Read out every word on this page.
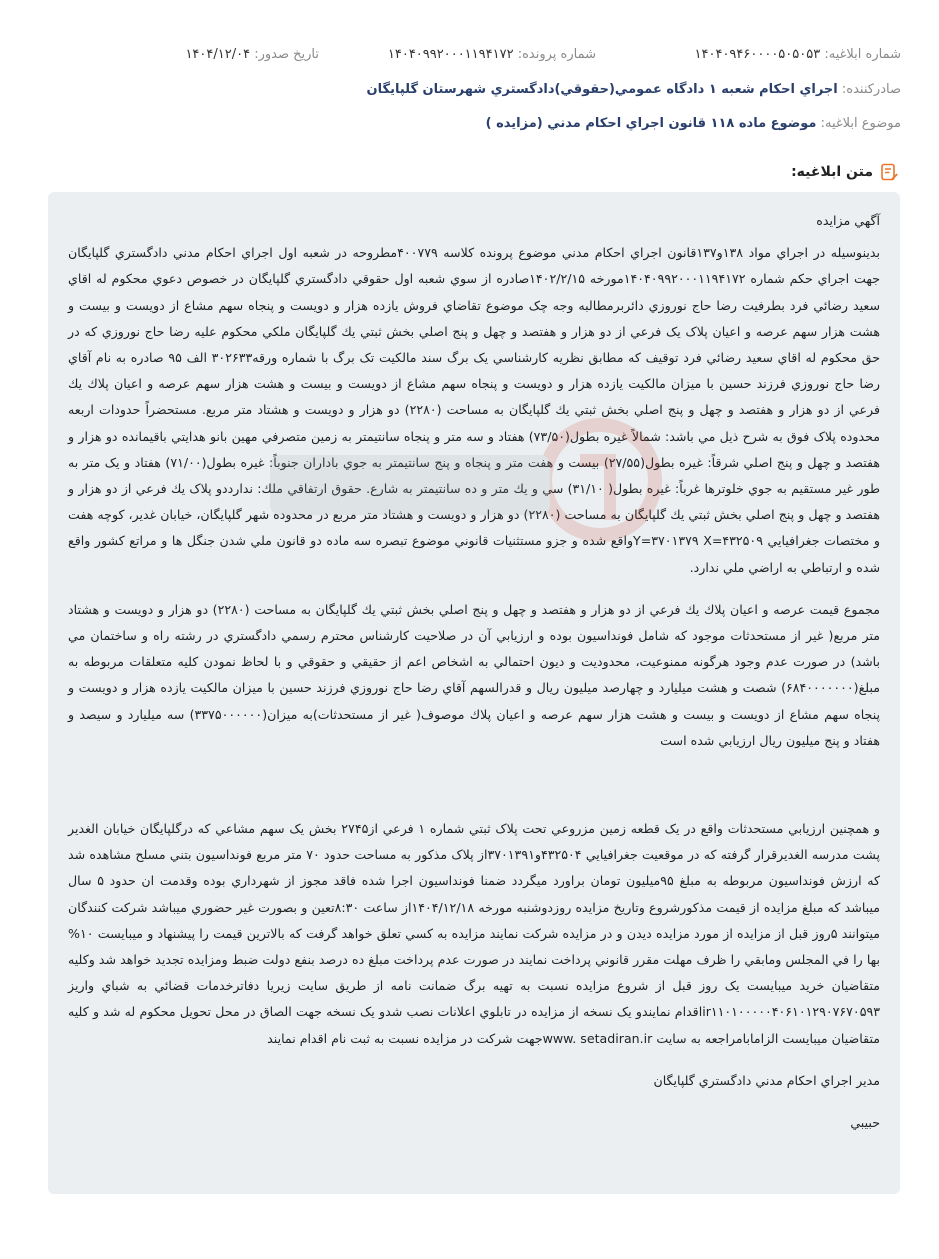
شماره ابلاغيه: ۱۴۰۴۰۹۴۶۰۰۰۰۵۰۵۰۵۳
شماره پرونده: ۱۴۰۴۰۹۹۲۰۰۰۱۱۹۴۱۷۲
تاريخ صدور: ۱۴۰۴/۱۲/۰۴
صادرکننده: اجراي احکام شعبه ۱ دادگاه عمومي(حقوقي)دادگستري شهرستان گلپايگان
موضوع ابلاغيه: موضوع ماده ۱۱۸ قانون اجراي احکام مدني (مزايده )
متن ابلاغيه:

آگهي مزايده

بدينوسيله در اجراي مواد ۱۳۸و۱۳۷قانون اجراي احکام مدني موضوع پرونده کلاسه ۴۰۰۷۷۹مطروحه در شعبه اول اجراي احکام مدني دادگستري گلپايگان جهت اجراي حکم شماره ۱۴۰۴۰۹۹۲۰۰۰۱۱۹۴۱۷۲مورخه ۱۴۰۲/۲/۱۵صادره از سوي شعبه اول حقوقي دادگستري گلپايگان در خصوص دعوي محکوم له اقاي سعيد رضائي فرد بطرفيت رضا حاج نوروزي دائربرمطالبه وجه چک موضوع تقاضاي فروش يازده هزار و دويست و پنجاه سهم مشاع از دويست و بيست و هشت هزار سهم عرصه و اعيان پلاک يک فرعي از دو هزار و هفتصد و چهل و پنج اصلي بخش ثبتي يك گلپايگان ملکي محکوم عليه رضا حاج نوروزي که در حق محکوم له اقاي سعيد رضائي فرد توقيف که مطابق نظريه کارشناسي يک برگ سند مالکيت تک برگ با شماره ورقه۳۰۲۶۳۳ الف ۹۵ صادره به نام آقاي رضا حاج نوروزي فرزند حسين با ميزان مالكيت يازده هزار و دويست و پنجاه سهم مشاع از دويست و بيست و هشت هزار سهم عرصه و اعيان پلاك يك فرعي از دو هزار و هفتصد و چهل و پنج اصلي بخش ثبتي يك گلپايگان به مساحت (۲۲۸۰) دو هزار و دويست و هشتاد متر مربع. مستحضراً حدودات اربعه محدوده پلاک فوق به شرح ذيل مي باشد: شمالاً غيره بطول(۷۳/۵۰) هفتاد و سه متر و پنجاه سانتيمتر به زمين متصرفي مهين بانو هدايتي باقيمانده دو هزار و هفتصد و چهل و پنج اصلي شرقاً: غيره بطول(۲۷/۵۵) بيست و هفت متر و پنجاه و پنج سانتيمتر به جوي باداران جنوباً: غيره بطول(۷۱/۰۰) هفتاد و يک متر به طور غير مستقيم به جوي خلوترها غرباً: غيره بطول( ۳۱/۱۰) سي و يك متر و ده سانتيمتر به شارع. حقوق ارتفاقي ملك: ندارددو پلاک يك فرعي از دو هزار و هفتصد و چهل و پنج اصلي بخش ثبتي يك گلپايگان به مساحت (۲۲۸۰) دو هزار و دويست و هشتاد متر مربع در محدوده شهر گلپايگان، خيابان غدير، كوچه هفت و مختصات جغرافيايي Y=۳۷۰۱۳۷۹ X=۴۳۲۵۰۹واقع شده و جزو مستثنيات قانوني موضوع تبصره سه ماده دو قانون ملي شدن جنگل ها و مراتع كشور واقع شده و ارتباطي به اراضي ملي ندارد.

مجموع قيمت عرصه و اعيان پلاك يك فرعي از دو هزار و هفتصد و چهل و پنج اصلي بخش ثبتي يك گلپايگان به مساحت (۲۲۸۰) دو هزار و دويست و هشتاد متر مربع( غير از مستحدثات موجود كه شامل فونداسيون بوده و ارزيابي آن در صلاحيت كارشناس محترم رسمي دادگستري در رشته راه و ساختمان مي باشد) در صورت عدم وجود هرگونه ممنوعيت، محدوديت و ديون احتمالي به اشخاص اعم از حقيقي و حقوقي و با لحاظ نمودن كليه متعلقات مربوطه به مبلغ(۶۸۴۰۰۰۰۰۰۰) شصت و هشت ميليارد و چهارصد ميليون ريال و قدرالسهم آقاي رضا حاج نوروزي فرزند حسين با ميزان مالكيت يازده هزار و دويست و پنجاه سهم مشاع از دويست و بيست و هشت هزار سهم عرصه و اعيان پلاك موصوف( غير از مستحدثات)به ميزان(۳۳۷۵۰۰۰۰۰۰) سه ميليارد و سيصد و هفتاد و پنج ميليون ريال ارزيابي شده است

و همچنين ارزيابي مستحدثات واقع در يک قطعه زمين مزروعي تحت پلاک ثبتي شماره ۱ فرعي از۲۷۴۵ بخش يک سهم مشاعي که درگلپايگان خيابان الغدير پشت مدرسه الغديرقرار گرفته که در موقعيت جغرافيايي ۴۳۲۵۰۴و۳۷۰۱۳۹۱از پلاک مذکور به مساحت حدود ۷۰ متر مربع فونداسيون بتني مسلح مشاهده شد که ارزش فونداسيون مربوطه به مبلغ ۹۵ميليون تومان براورد ميگردد ضمنا فونداسيون اجرا شده فاقد مجوز از شهرداري بوده وقدمت ان حدود ۵ سال ميباشد که مبلغ مزايده از قيمت مذکورشروع وتاريخ مزايده روزدوشنبه مورخه ۱۴۰۴/۱۲/۱۸از ساعت ۸:۳۰تعين و بصورت غير حضوري ميباشد شرکت کنندگان ميتوانند ۵روز قبل از مزايده از مورد مزايده ديدن و در مزايده شرکت نمايند مزايده به کسي تعلق خواهد گرفت که بالاترين قيمت را پيشنهاد و ميبايست ۱۰% بها را في المجلس ومابقي را ظرف مهلت مقرر قانوني پرداخت نمايند در صورت عدم پرداخت مبلغ ده درصد بنفع دولت ضبط ومزايده تجديد خواهد شد وکليه متقاضيان خريد ميبايست يک روز قبل از شروع مزايده نسبت به تهيه برگ ضمانت نامه از طريق سايت زيريا دفاترخدمات قضائي به شباي واريز ir۱۱۰۱۰۰۰۰۰۴۰۶۱۰۱۲۹۰۷۶۷۰۵۹۳اقدام نمايندو يک نسخه از مزايده در تابلوي اعلانات نصب شدو يک نسخه جهت الصاق در محل تحويل محکوم له شد و کليه متقاضيان ميبايست الزامابامراجعه به سايت www. setadiran.irجهت شرکت در مزايده نسبت به ثبت نام اقدام نمايند

مدير اجراي احکام مدني دادگستري گلپايگان

حبيبي
